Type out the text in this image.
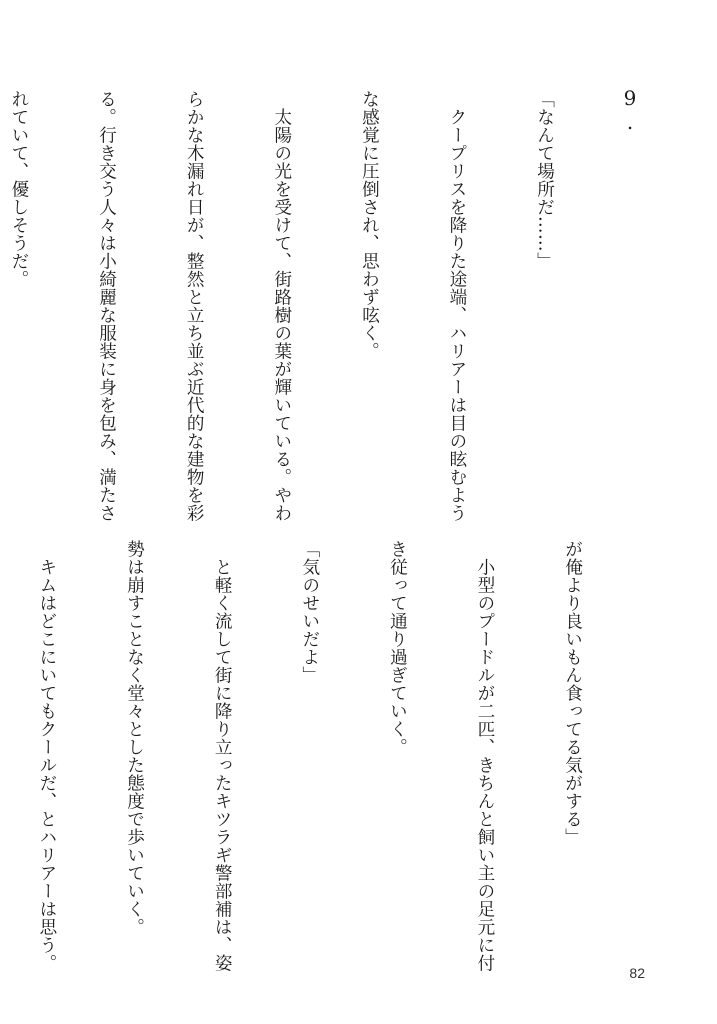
9.

「なんて場所だ……」

　クープリスを降りた途端、ハリアーは目の眩むよう

な感覚に圧倒され、思わず呟く。

　太陽の光を受けて、街路樹の葉が輝いている。やわ

らかな木漏れ日が、整然と立ち並ぶ近代的な建物を彩

る。行き交う人々は小綺麗な服装に身を包み、満たさ

れていて、優しそうだ。

が俺より良いもん食ってる気がする」

　小型のプードルが二匹、きちんと飼い主の足元に付

き従って通り過ぎていく。

「気のせいだよ」

　と軽く流して街に降り立ったキツラギ警部補は、姿

勢は崩すことなく堂々とした態度で歩いていく。

　キムはどこにいてもクールだ、とハリアーは思う。

82
